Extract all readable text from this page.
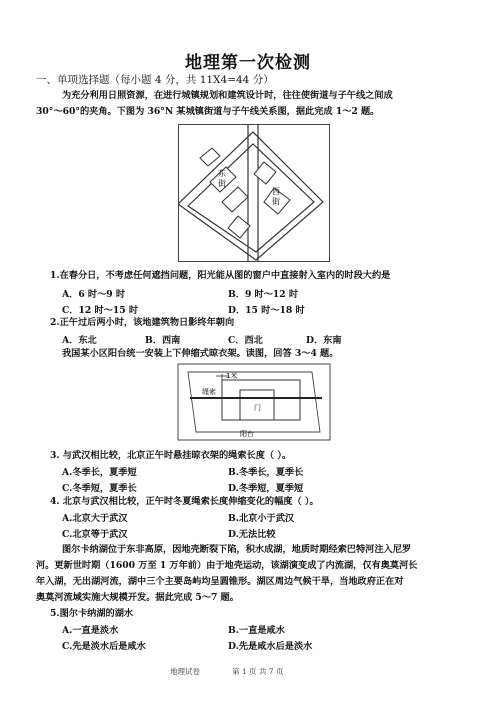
地理第一次检测
一、单项选择题（每小题 4 分，共 11X4=44 分）
为充分利用日照资源，在进行城镇规划和建筑设计时，往往使街道与子午线之间成
30°～60°的夹角。下图为 36°N 某城镇街道与子午线关系图，据此完成 1～2 题。
东
街
西
街
1.在春分日，不考虑任何遮挡问题，阳光能从图的窗户中直接射入室内的时段大约是
A．6 时～9 时	B．9 时～12 时
C．12 时～15 时	D．15 时～18 时
2.正午过后两小时，该地建筑物日影终年朝向
A．东北	B．西南	C．西北	D．东南
我国某小区阳台统一安装上下伸缩式晾衣架。读图，回答 3～4 题。
1米
绳索
门
阳台
3. 与武汉相比较，北京正午时悬挂晾衣架的绳索长度（ ）。
A.冬季长，夏季短	B.冬季长，夏季长
C.冬季短，夏季长	D.冬季短，夏季短
4. 北京与武汉相比较，正午时冬夏绳索长度伸缩变化的幅度（ ）。
A.北京大于武汉	B.北京小于武汉
C.北京等于武汉	D.无法比较
图尔卡纳湖位于东非高原，因地壳断裂下陷，积水成湖，地质时期经索巴特河注入尼罗
河。更新世时期（1600 万至 1 万年前）由于地壳运动，该湖演变成了内流湖，仅有奥莫河长
年入湖，无出湖河流，湖中三个主要岛屿均呈圆锥形。湖区周边气候干旱，当地政府正在对
奥莫河流域实施大规模开发。据此完成 5～7 题。
5.图尔卡纳湖的湖水
A.一直是淡水	B.一直是咸水
C.先是淡水后是咸水	D.先是咸水后是淡水
地理试卷	第 1 页 共 7 页
